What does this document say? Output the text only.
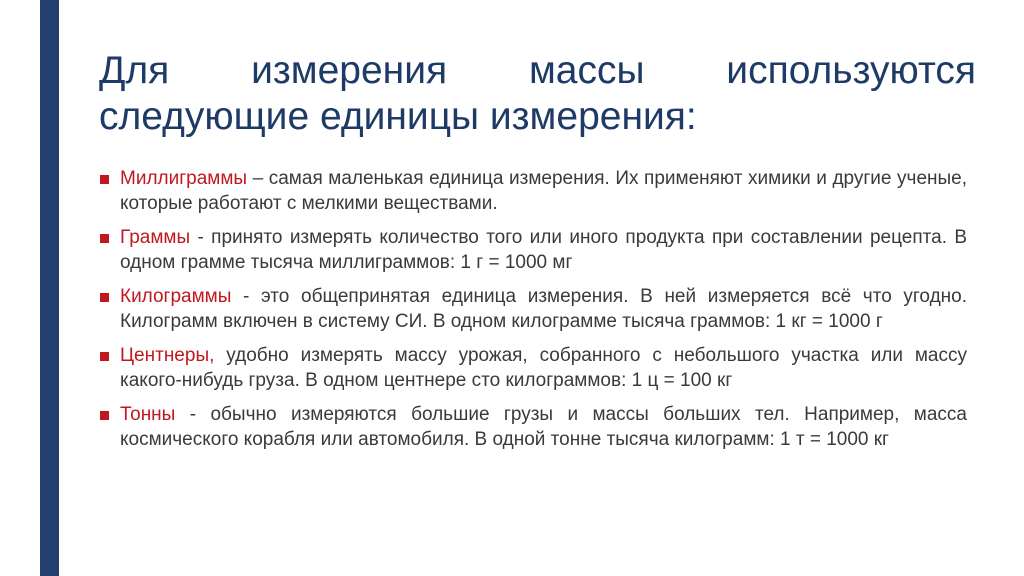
Для измерения массы используются следующие единицы измерения:
Миллиграммы – самая маленькая единица измерения. Их применяют химики и другие ученые, которые работают с мелкими веществами.
Граммы - принято измерять количество того или иного продукта при составлении рецепта. В одном грамме тысяча миллиграммов: 1 г = 1000 мг
Килограммы - это общепринятая единица измерения. В ней измеряется всё что угодно. Килограмм включен в систему СИ. В одном килограмме тысяча граммов: 1 кг = 1000 г
Центнеры, удобно измерять массу урожая, собранного с небольшого участка или массу какого-нибудь груза. В одном центнере сто килограммов: 1 ц = 100 кг
Тонны - обычно измеряются большие грузы и массы больших тел. Например, масса космического корабля или автомобиля. В одной тонне тысяча килограмм: 1 т = 1000 кг
